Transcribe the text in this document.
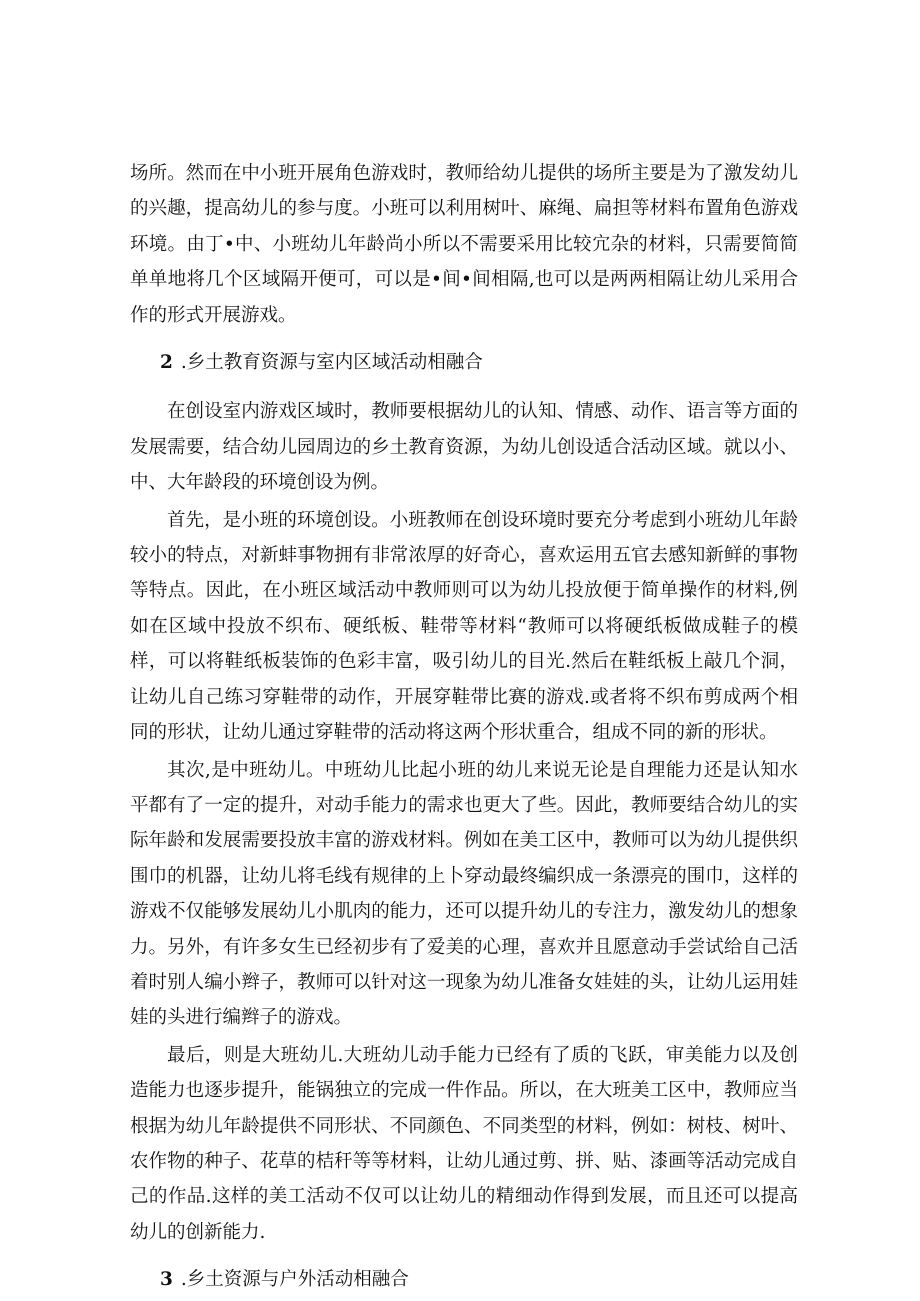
场所。然而在中小班开展角色游戏时，教师给幼儿提供的场所主要是为了激发幼儿的兴趣，提高幼儿的参与度。小班可以利用树叶、麻绳、扁担等材料布置角色游戏环境。由丁•中、小班幼儿年龄尚小所以不需要采用比较宂杂的材料，只需要简简单单地将几个区域隔开便可，可以是•间•间相隔,也可以是两两相隔让幼儿采用合作的形式开展游戏。

2 .乡土教育资源与室内区域活动相融合

在创设室内游戏区域时，教师要根据幼儿的认知、情感、动作、语言等方面的发展需要，结合幼儿园周边的乡土教育资源，为幼儿创设适合活动区域。就以小、中、大年龄段的环境创设为例。

首先，是小班的环境创设。小班教师在创设环境时要充分考虑到小班幼儿年龄较小的特点，对新蚌事物拥有非常浓厚的好奇心，喜欢运用五官去感知新鲜的事物等特点。因此，在小班区域活动中教师则可以为幼儿投放便于简单操作的材料,例如在区域中投放不织布、硬纸板、鞋带等材料“教师可以将硬纸板做成鞋子的模样，可以将鞋纸板装饰的色彩丰富，吸引幼儿的目光.然后在鞋纸板上敲几个洞，让幼儿自己练习穿鞋带的动作，开展穿鞋带比赛的游戏.或者将不织布剪成两个相同的形状，让幼儿通过穿鞋带的活动将这两个形状重合，组成不同的新的形状。

其次,是中班幼儿。中班幼儿比起小班的幼儿来说无论是自理能力还是认知水平都有了一定的提升，对动手能力的需求也更大了些。因此，教师要结合幼儿的实际年龄和发展需要投放丰富的游戏材料。例如在美工区中，教师可以为幼儿提供织围巾的机器，让幼儿将毛线有规律的上卜穿动最终编织成一条漂亮的围巾，这样的游戏不仅能够发展幼儿小肌肉的能力，还可以提升幼儿的专注力，激发幼儿的想象力。另外，有许多女生已经初步有了爱美的心理，喜欢并且愿意动手尝试给自己活着时别人编小辫子，教师可以针对这一现象为幼儿准备女娃娃的头，让幼儿运用娃娃的头进行编辫子的游戏。

最后，则是大班幼儿.大班幼儿动手能力已经有了质的飞跃，审美能力以及创造能力也逐步提升，能锅独立的完成一件作品。所以，在大班美工区中，教师应当根据为幼儿年龄提供不同形状、不同颜色、不同类型的材料，例如：树枝、树叶、农作物的种子、花草的桔秆等等材料，让幼儿通过剪、拼、贴、漆画等活动完成自己的作品.这样的美工活动不仅可以让幼儿的精细动作得到发展，而且还可以提高幼儿的创新能力.

3 .乡土资源与户外活动相融合
